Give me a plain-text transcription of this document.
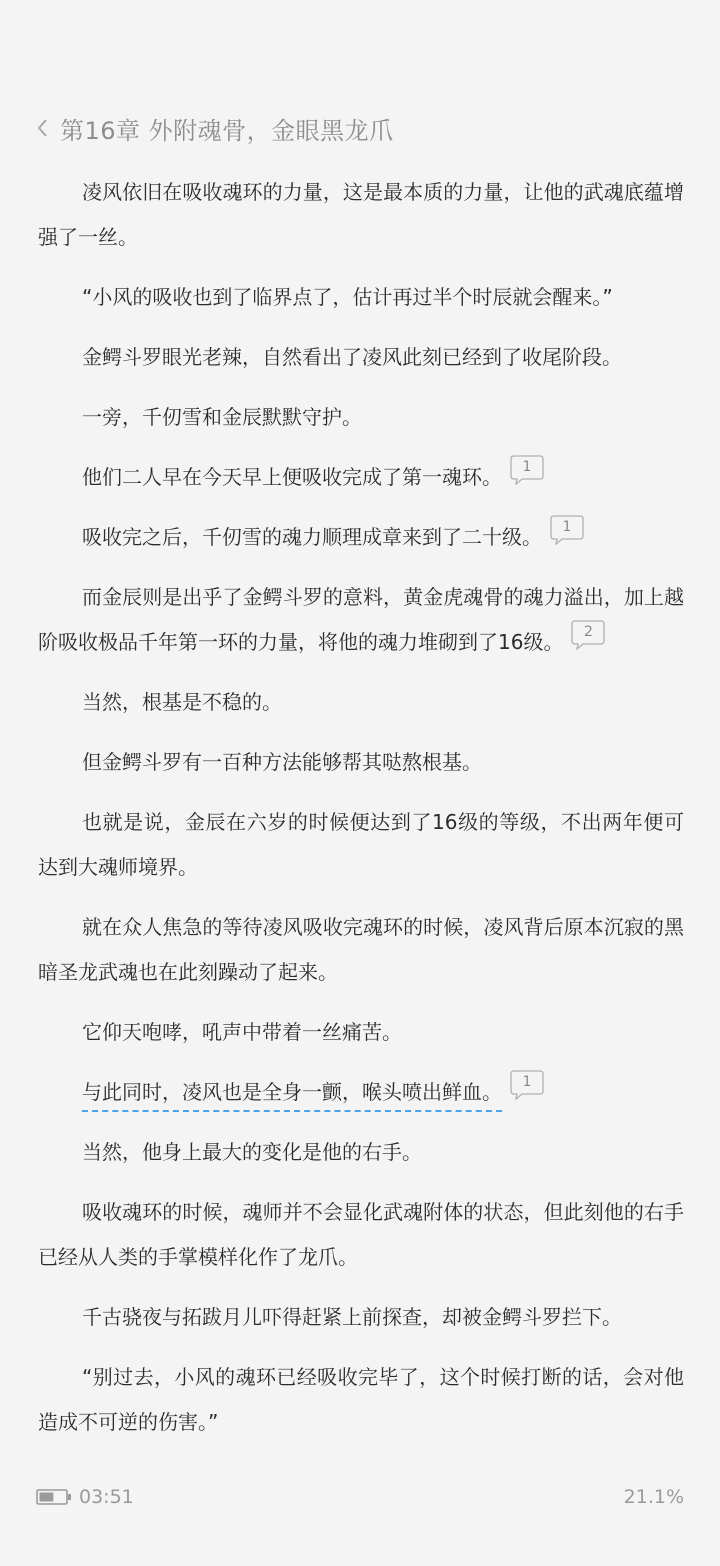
第16章 外附魂骨，金眼黑龙爪

凌风依旧在吸收魂环的力量，这是最本质的力量，让他的武魂底蕴增强了一丝。

“小风的吸收也到了临界点了，估计再过半个时辰就会醒来。”

金鳄斗罗眼光老辣，自然看出了凌风此刻已经到了收尾阶段。

一旁，千仞雪和金辰默默守护。

他们二人早在今天早上便吸收完成了第一魂环。	1

吸收完之后，千仞雪的魂力顺理成章来到了二十级。	1

而金辰则是出乎了金鳄斗罗的意料，黄金虎魂骨的魂力溢出，加上越阶吸收极品千年第一环的力量，将他的魂力堆砌到了16级。	2

当然，根基是不稳的。

但金鳄斗罗有一百种方法能够帮其哒熬根基。

也就是说，金辰在六岁的时候便达到了16级的等级，不出两年便可达到大魂师境界。

就在众人焦急的等待凌风吸收完魂环的时候，凌风背后原本沉寂的黑暗圣龙武魂也在此刻躁动了起来。

它仰天咆哮，吼声中带着一丝痛苦。

与此同时，凌风也是全身一颤，喉头喷出鲜血。	1

当然，他身上最大的变化是他的右手。

吸收魂环的时候，魂师并不会显化武魂附体的状态，但此刻他的右手已经从人类的手掌模样化作了龙爪。

千古骁夜与拓跋月儿吓得赶紧上前探查，却被金鳄斗罗拦下。

“别过去，小风的魂环已经吸收完毕了，这个时候打断的话，会对他造成不可逆的伤害。”

03:51	21.1%
